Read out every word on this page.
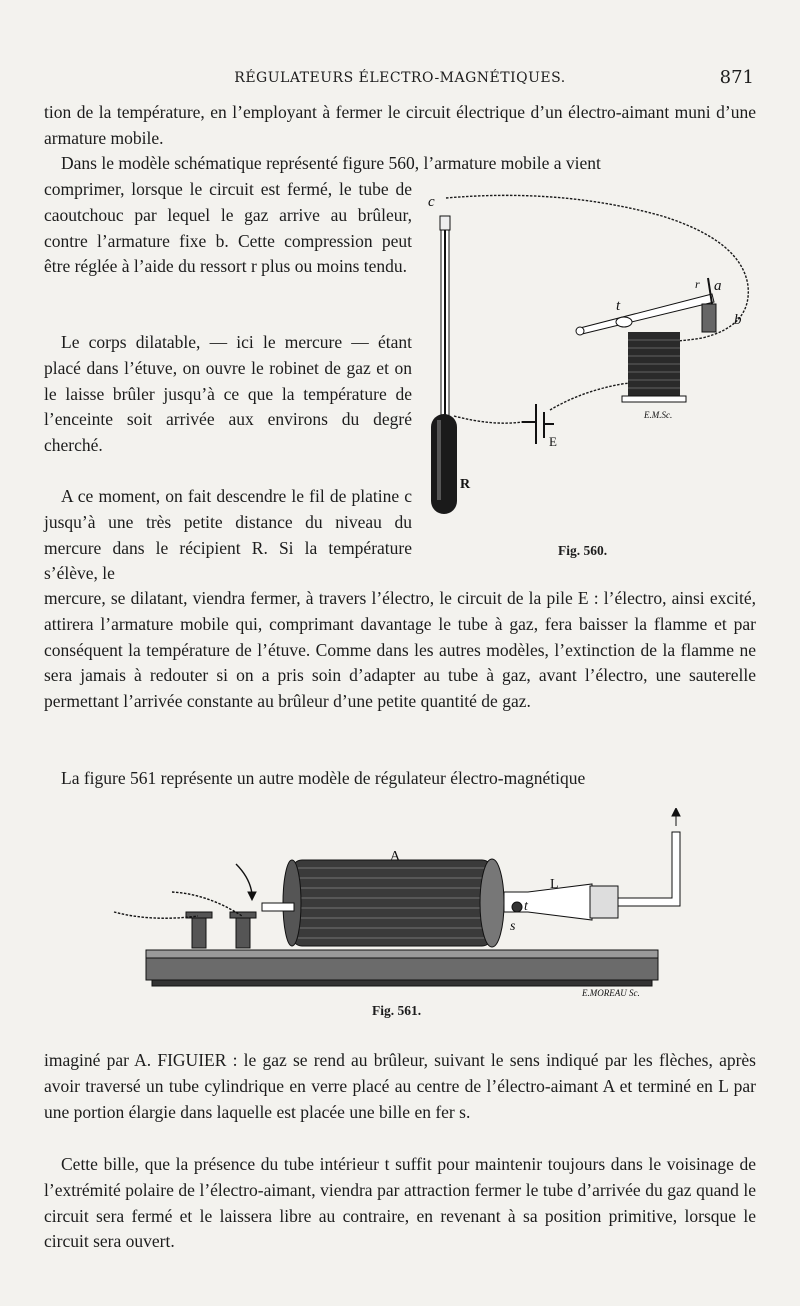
RÉGULATEURS ÉLECTRO-MAGNÉTIQUES.	871

tion de la température, en l’employant à fermer le circuit électrique d’un électro-aimant muni d’une armature mobile.

Dans le modèle schématique représenté figure 560, l’armature mobile a vient

comprimer, lorsque le circuit est fermé, le tube de caoutchouc par lequel le gaz arrive au brûleur, contre l’armature fixe b. Cette compression peut être réglée à l’aide du ressort r plus ou moins tendu.

Le corps dilatable, — ici le mercure — étant placé dans l’étuve, on ouvre le robinet de gaz et on le laisse brûler jusqu’à ce que la température de l’enceinte soit arrivée aux environs du degré cherché.

A ce moment, on fait descendre le fil de platine c jusqu’à une très petite distance du niveau du mercure dans le récipient R. Si la température s’élève, le

mercure, se dilatant, viendra fermer, à travers l’électro, le circuit de la pile E : l’électro, ainsi excité, attirera l’armature mobile qui, comprimant davantage le tube à gaz, fera baisser la flamme et par conséquent la température de l’étuve. Comme dans les autres modèles, l’extinction de la flamme ne sera jamais à redouter si on a pris soin d’adapter au tube à gaz, avant l’électro, une sauterelle permettant l’arrivée constante au brûleur d’une petite quantité de gaz.

La figure 561 représente un autre modèle de régulateur électro-magnétique

c
a
b
t
r
E
R
E.M.Sc.
Fig. 560.
A
L
t
s
E.MOREAU Sc.
Fig. 561.

imaginé par A. FIGUIER : le gaz se rend au brûleur, suivant le sens indiqué par les flèches, après avoir traversé un tube cylindrique en verre placé au centre de l’électro-aimant A et terminé en L par une portion élargie dans laquelle est placée une bille en fer s.

Cette bille, que la présence du tube intérieur t suffit pour maintenir toujours dans le voisinage de l’extrémité polaire de l’électro-aimant, viendra par attraction fermer le tube d’arrivée du gaz quand le circuit sera fermé et le laissera libre au contraire, en revenant à sa position primitive, lorsque le circuit sera ouvert.
